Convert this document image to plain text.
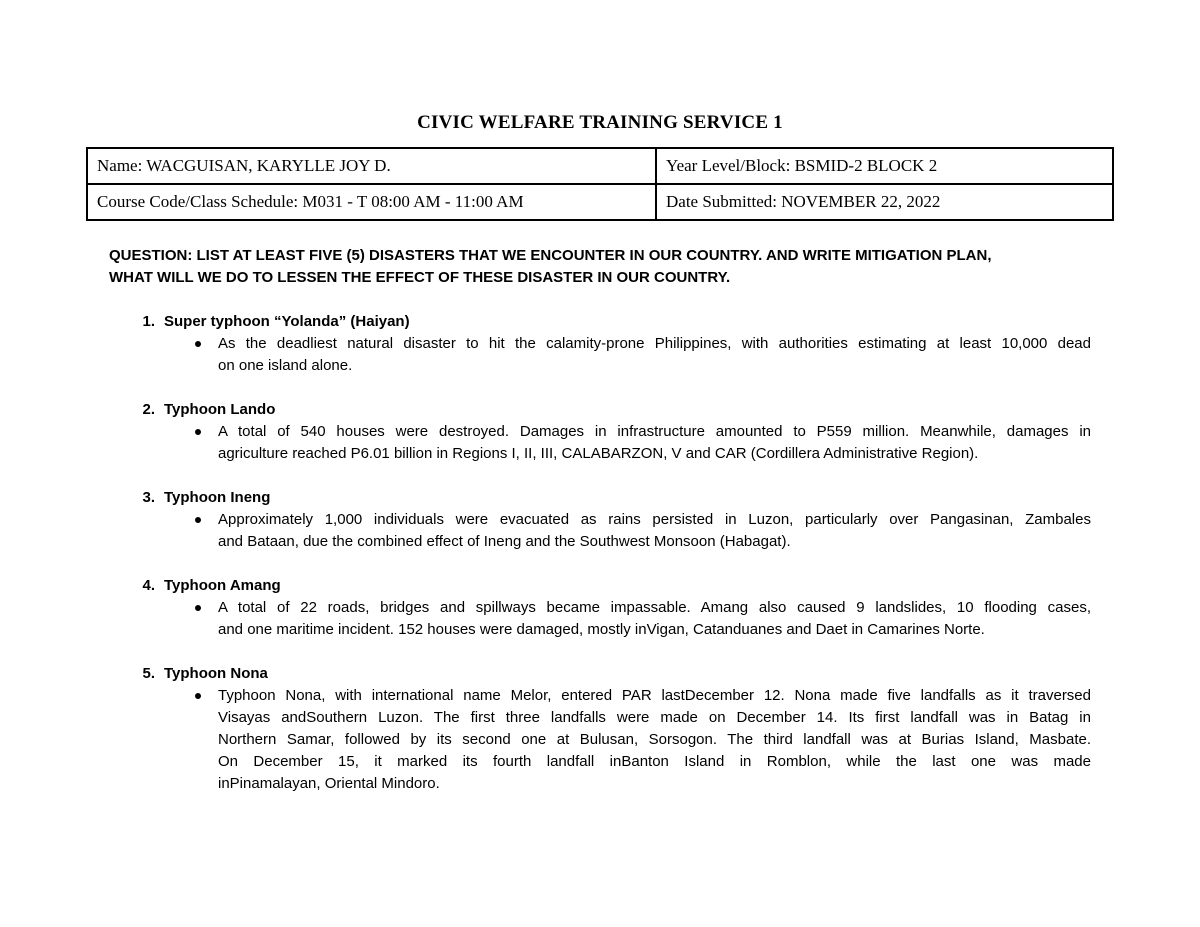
CIVIC WELFARE TRAINING SERVICE 1
Name: WACGUISAN, KARYLLE JOY D.	Year Level/Block: BSMID-2 BLOCK 2
Course Code/Class Schedule: M031 - T 08:00 AM - 11:00 AM	Date Submitted: NOVEMBER 22, 2022

QUESTION: LIST AT LEAST FIVE (5) DISASTERS THAT WE ENCOUNTER IN OUR COUNTRY. AND WRITE MITIGATION PLAN,
WHAT WILL WE DO TO LESSEN THE EFFECT OF THESE DISASTER IN OUR COUNTRY.

1. Super typhoon “Yolanda” (Haiyan)
As the deadliest natural disaster to hit the calamity-prone Philippines, with authorities estimating at least 10,000 dead
on one island alone.
2. Typhoon Lando
A total of 540 houses were destroyed. Damages in infrastructure amounted to P559 million. Meanwhile, damages in
agriculture reached P6.01 billion in Regions I, II, III, CALABARZON, V and CAR (Cordillera Administrative Region).
3. Typhoon Ineng
Approximately 1,000 individuals were evacuated as rains persisted in Luzon, particularly over Pangasinan, Zambales
and Bataan, due the combined effect of Ineng and the Southwest Monsoon (Habagat).
4. Typhoon Amang
A total of 22 roads, bridges and spillways became impassable. Amang also caused 9 landslides, 10 flooding cases,
and one maritime incident. 152 houses were damaged, mostly inVigan, Catanduanes and Daet in Camarines Norte.
5. Typhoon Nona
Typhoon Nona, with international name Melor, entered PAR lastDecember 12. Nona made five landfalls as it traversed
Visayas andSouthern Luzon. The first three landfalls were made on December 14. Its first landfall was in Batag in
Northern Samar, followed by its second one at Bulusan, Sorsogon. The third landfall was at Burias Island, Masbate.
On December 15, it marked its fourth landfall inBanton Island in Romblon, while the last one was made
inPinamalayan, Oriental Mindoro.
